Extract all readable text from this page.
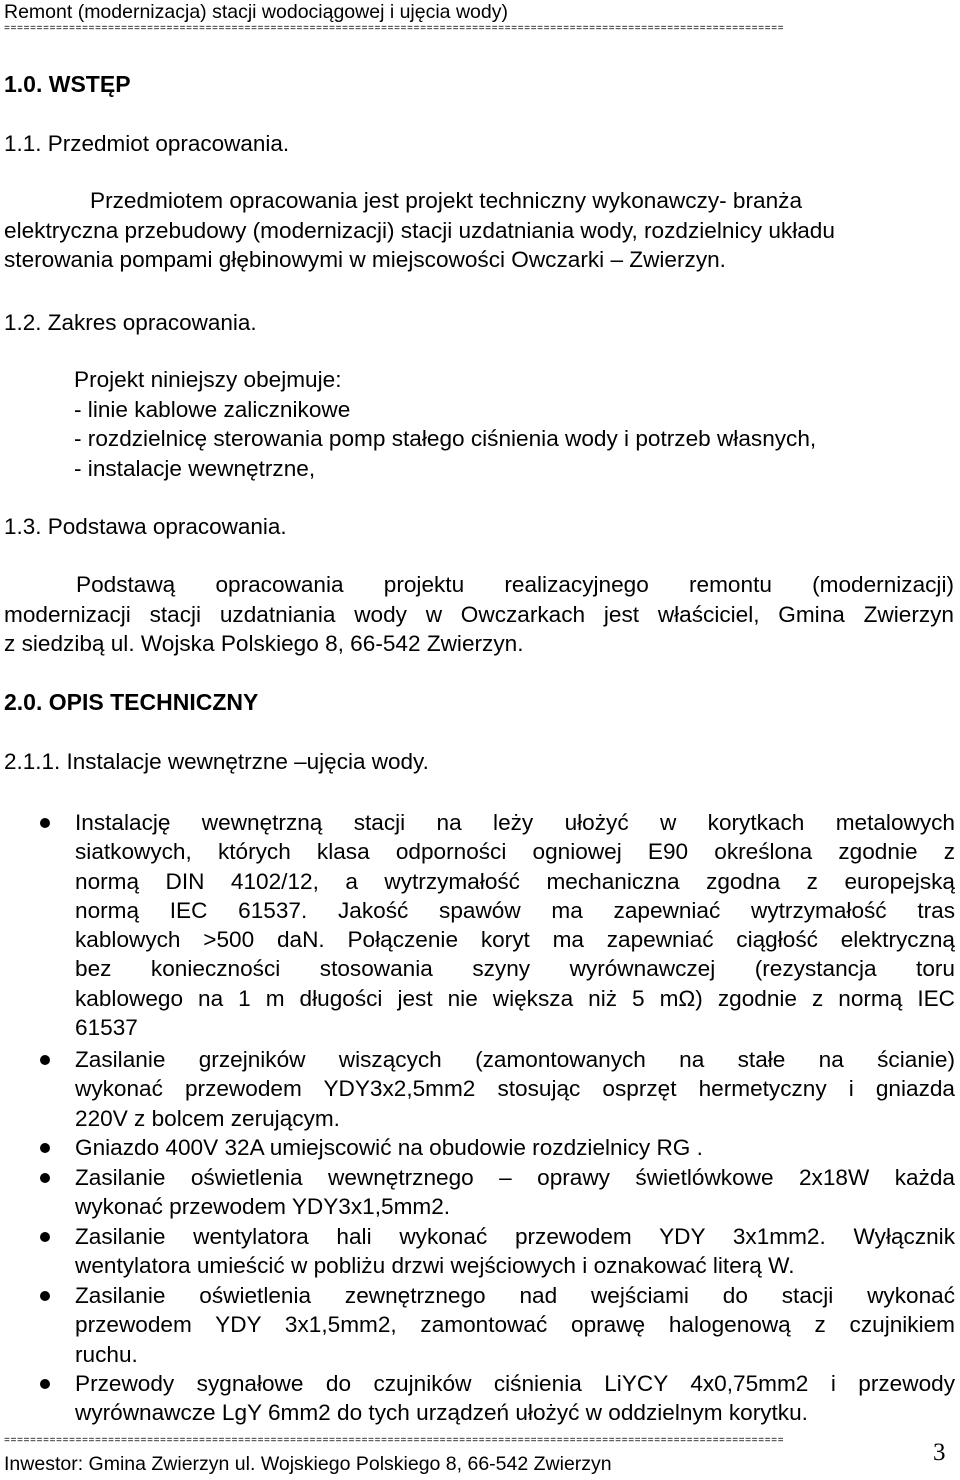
Remont (modernizacja) stacji wodociągowej i ujęcia wody)
========================================================================================================================
1.0. WSTĘP
1.1. Przedmiot opracowania.
Przedmiotem opracowania jest projekt techniczny wykonawczy- branża
elektryczna przebudowy (modernizacji) stacji uzdatniania wody, rozdzielnicy układu
sterowania pompami głębinowymi w miejscowości Owczarki – Zwierzyn.
1.2. Zakres opracowania.
Projekt niniejszy obejmuje:
- linie kablowe zalicznikowe
- rozdzielnicę sterowania pomp stałego ciśnienia wody i potrzeb własnych,
- instalacje wewnętrzne,
1.3. Podstawa opracowania.
Podstawą opracowania projektu realizacyjnego remontu (modernizacji)
modernizacji stacji uzdatniania wody w Owczarkach jest właściciel, Gmina Zwierzyn
z siedzibą ul. Wojska Polskiego 8, 66-542 Zwierzyn.
2.0. OPIS TECHNICZNY
2.1.1. Instalacje wewnętrzne –ujęcia wody.
Instalację wewnętrzną stacji na leży ułożyć w korytkach metalowych
siatkowych, których klasa odporności ogniowej E90 określona zgodnie z
normą DIN 4102/12, a wytrzymałość mechaniczna zgodna z europejską
normą IEC 61537. Jakość spawów ma zapewniać wytrzymałość tras
kablowych >500 daN. Połączenie koryt ma zapewniać ciągłość elektryczną
bez konieczności stosowania szyny wyrównawczej (rezystancja toru
kablowego na 1 m długości jest nie większa niż 5 mΩ) zgodnie z normą IEC
61537
Zasilanie grzejników wiszących (zamontowanych na stałe na ścianie)
wykonać przewodem YDY3x2,5mm2 stosując osprzęt hermetyczny i gniazda
220V z bolcem zerującym.
Gniazdo 400V 32A umiejscowić na obudowie rozdzielnicy RG .
Zasilanie oświetlenia wewnętrznego – oprawy świetlówkowe 2x18W każda
wykonać przewodem YDY3x1,5mm2.
Zasilanie wentylatora hali wykonać przewodem YDY 3x1mm2. Wyłącznik
wentylatora umieścić w pobliżu drzwi wejściowych i oznakować literą W.
Zasilanie oświetlenia zewnętrznego nad wejściami do stacji wykonać
przewodem YDY 3x1,5mm2, zamontować oprawę halogenową z czujnikiem
ruchu.
Przewody sygnałowe do czujników ciśnienia LiYCY 4x0,75mm2 i przewody
wyrównawcze LgY 6mm2 do tych urządzeń ułożyć w oddzielnym korytku.
========================================================================================================================
Inwestor: Gmina Zwierzyn ul. Wojskiego Polskiego 8, 66-542 Zwierzyn	3
